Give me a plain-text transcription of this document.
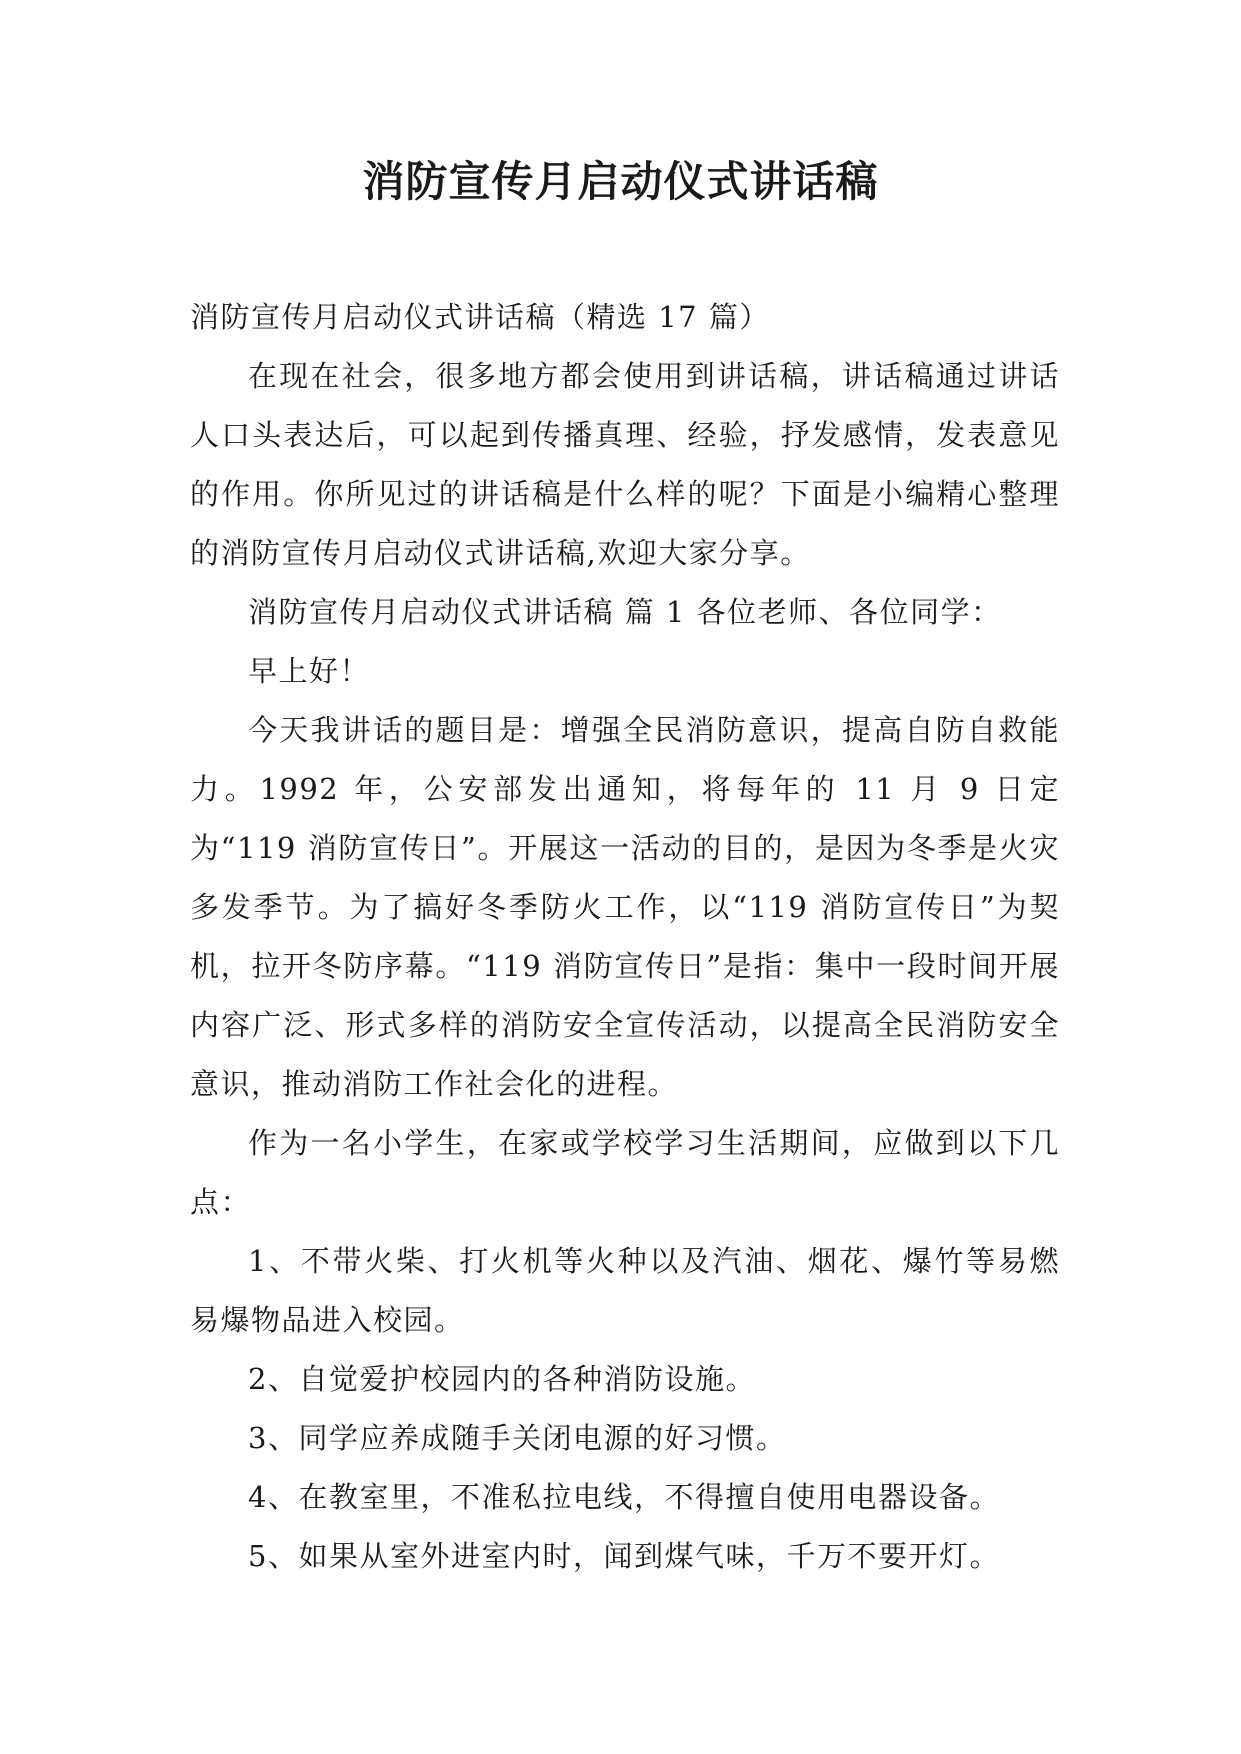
消防宣传月启动仪式讲话稿

消防宣传月启动仪式讲话稿（精选 17 篇）

在现在社会，很多地方都会使用到讲话稿，讲话稿通过讲话人口头表达后，可以起到传播真理、经验，抒发感情，发表意见的作用。你所见过的讲话稿是什么样的呢？下面是小编精心整理的消防宣传月启动仪式讲话稿,欢迎大家分享。

消防宣传月启动仪式讲话稿 篇 1 各位老师、各位同学：

早上好！

今天我讲话的题目是：增强全民消防意识，提高自防自救能力。1992 年，公安部发出通知，将每年的 11 月 9 日定为“119 消防宣传日”。开展这一活动的目的，是因为冬季是火灾多发季节。为了搞好冬季防火工作，以“119 消防宣传日”为契机，拉开冬防序幕。“119 消防宣传日”是指：集中一段时间开展内容广泛、形式多样的消防安全宣传活动，以提高全民消防安全意识，推动消防工作社会化的进程。

作为一名小学生，在家或学校学习生活期间，应做到以下几点：

1、不带火柴、打火机等火种以及汽油、烟花、爆竹等易燃易爆物品进入校园。

2、自觉爱护校园内的各种消防设施。

3、同学应养成随手关闭电源的好习惯。

4、在教室里，不准私拉电线，不得擅自使用电器设备。

5、如果从室外进室内时，闻到煤气味，千万不要开灯。
